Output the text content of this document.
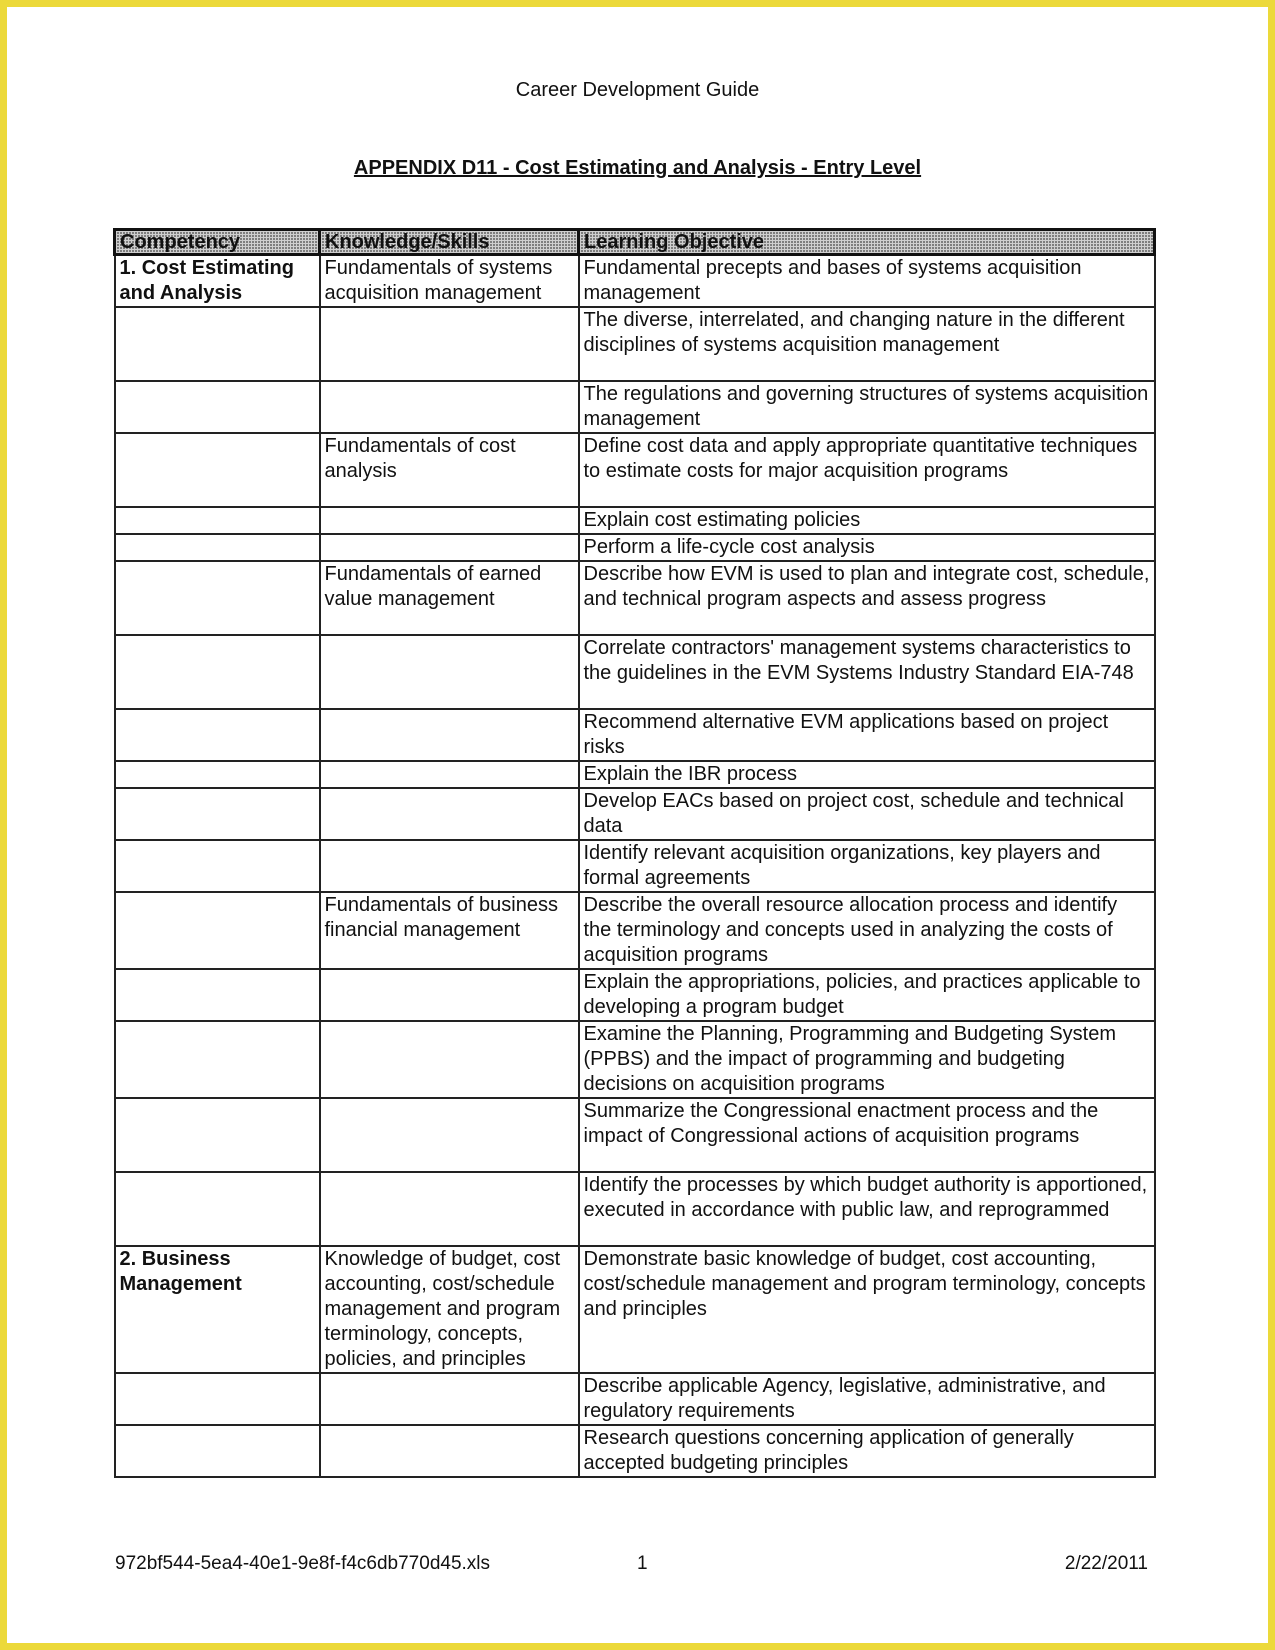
Career Development Guide
APPENDIX D11 - Cost Estimating and Analysis - Entry Level
Competency	Knowledge/Skills	Learning Objective
1. Cost Estimating and Analysis	Fundamentals of systems acquisition management	Fundamental precepts and bases of systems acquisition management
		The diverse, interrelated, and changing nature in the different disciplines of systems acquisition management
		The regulations and governing structures of systems acquisition management
	Fundamentals of cost analysis	Define cost data and apply appropriate quantitative techniques to estimate costs for major acquisition programs
		Explain cost estimating policies
		Perform a life-cycle cost analysis
	Fundamentals of earned value management	Describe how EVM is used to plan and integrate cost, schedule, and technical program aspects and assess progress
		Correlate contractors' management systems characteristics to the guidelines in the EVM Systems Industry Standard EIA-748
		Recommend alternative EVM applications based on project risks
		Explain the IBR process
		Develop EACs based on project cost, schedule and technical data
		Identify relevant acquisition organizations, key players and formal agreements
	Fundamentals of business financial management	Describe the overall resource allocation process and identify the terminology and concepts used in analyzing the costs of acquisition programs
		Explain the appropriations, policies, and practices applicable to developing a program budget
		Examine the Planning, Programming and Budgeting System (PPBS) and the impact of programming and budgeting decisions on acquisition programs
		Summarize the Congressional enactment process and the impact of Congressional actions of acquisition programs
		Identify the processes by which budget authority is apportioned, executed in accordance with public law, and reprogrammed
2. Business Management	Knowledge of budget, cost accounting, cost/schedule management and program terminology, concepts, policies, and principles	Demonstrate basic knowledge of budget, cost accounting, cost/schedule management and program terminology, concepts and principles
		Describe applicable Agency, legislative, administrative, and regulatory requirements
		Research questions concerning application of generally accepted budgeting principles
972bf544-5ea4-40e1-9e8f-f4c6db770d45.xls	1	2/22/2011
